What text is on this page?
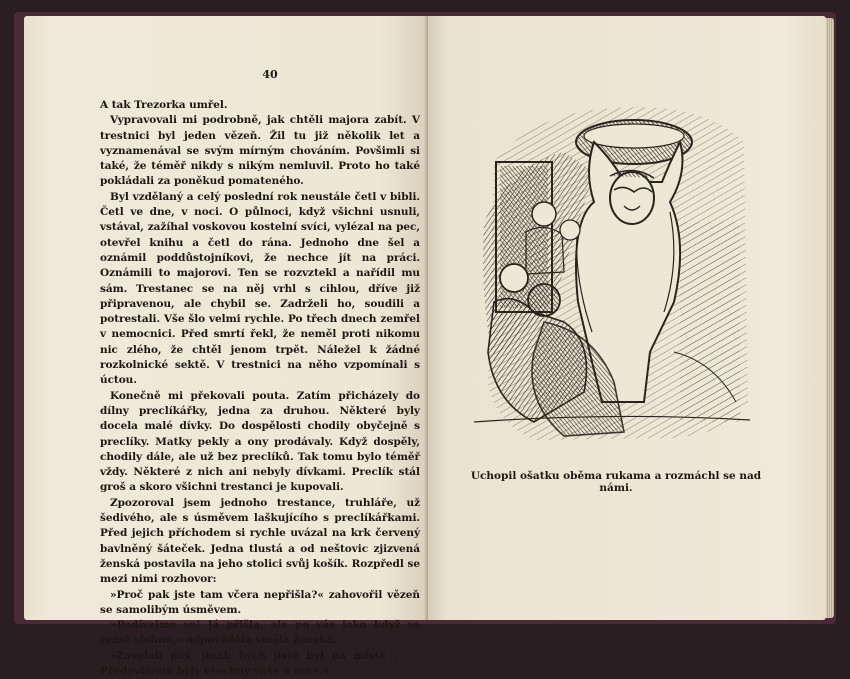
40

A tak Trezorka umřel.

Vypravovali mi podrobně, jak chtěli majora zabít. V trestnici byl jeden vězeň. Žil tu již několik let a vyznamenával se svým mírným chováním. Povšimli si také, že téměř nikdy s nikým nemluvil. Proto ho také pokládali za poněkud pomateného.

Byl vzdělaný a celý poslední rok neustále četl v bibli. Četl ve dne, v noci. O půlnoci, když všichni usnuli, vstával, zažíhal voskovou kostelní svíci, vylézal na pec, otevřel knihu a četl do rána. Jednoho dne šel a oznámil poddůstojníkovi, že nechce jít na práci. Oznámili to majorovi. Ten se rozvztekl a nařídil mu sám. Trestanec se na něj vrhl s cihlou, dříve již připravenou, ale chybil se. Zadrželi ho, soudili a potrestali. Vše šlo velmi rychle. Po třech dnech zemřel v nemocnici. Před smrtí řekl, že neměl proti nikomu nic zlého, že chtěl jenom trpět. Náležel k žádné rozkolnické sektě. V trestnici na něho vzpomínali s úctou.

Konečně mi překovali pouta. Zatím přicházely do dílny preclíkářky, jedna za druhou. Některé byly docela malé dívky. Do dospělosti chodily obyčejně s preclíky. Matky pekly a ony prodávaly. Když dospěly, chodily dále, ale už bez preclíků. Tak tomu bylo téměř vždy. Některé z nich ani nebyly dívkami. Preclík stál groš a skoro všichni trestanci je kupovali.

Zpozoroval jsem jednoho trestance, truhláře, už šedivého, ale s úsměvem laškujícího s preclíkářkami. Před jejich příchodem si rychle uvázal na krk červený bavlněný šáteček. Jedna tlustá a od neštovic zjizvená ženská postavila na jeho stolici svůj košík. Rozpředl se mezi nimi rozhovor:

»Proč pak jste tam včera nepřišla?« zahovořil vězeň se samolibým úsměvem.

»Podívejme se! Já přišla, ale po vás jako když se země slehne,« odpověděla smělá ženská.

»Zavolali nás, jinak bych jistě byl na místě . . . Předevčírem byly všechny vaše u mne.«

Uchopil ošatku oběma rukama a rozmáchl se nad námi.
